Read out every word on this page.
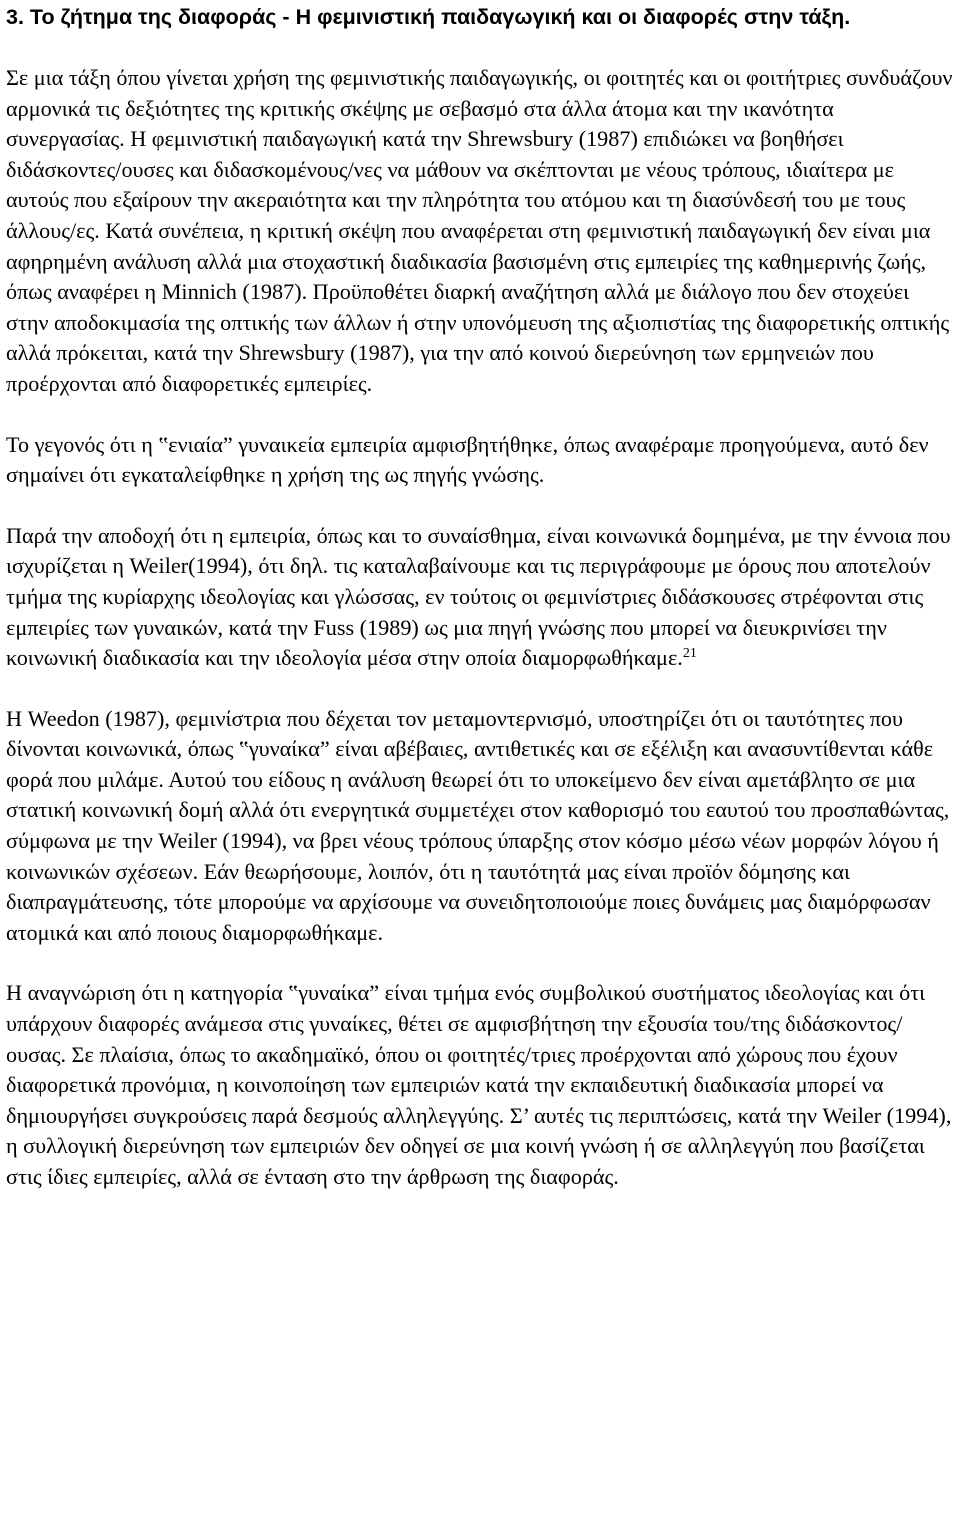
3. Το ζήτημα της διαφοράς - Η φεμινιστική παιδαγωγική και οι διαφορές στην τάξη.

Σε μια τάξη όπου γίνεται χρήση της φεμινιστικής παιδαγωγικής, οι φοιτητές και οι φοιτήτριες συνδυάζουν αρμονικά τις δεξιότητες της κριτικής σκέψης με σεβασμό στα άλλα άτομα και την ικανότητα συνεργασίας. Η φεμινιστική παιδαγωγική κατά την Shrewsbury (1987) επιδιώκει να βοηθήσει διδάσκοντες/ουσες και διδασκομένους/νες να μάθουν να σκέπτονται με νέους τρόπους, ιδιαίτερα με αυτούς που εξαίρουν την ακεραιότητα και την πληρότητα του ατόμου και τη διασύνδεσή του με τους άλλους/ες. Κατά συνέπεια, η κριτική σκέψη που αναφέρεται στη φεμινιστική παιδαγωγική δεν είναι μια αφηρημένη ανάλυση αλλά μια στοχαστική διαδικασία βασισμένη στις εμπειρίες της καθημερινής ζωής, όπως αναφέρει η Minnich (1987). Προϋποθέτει διαρκή αναζήτηση αλλά με διάλογο που δεν στοχεύει στην αποδοκιμασία της οπτικής των άλλων ή στην υπονόμευση της αξιοπιστίας της διαφορετικής οπτικής αλλά πρόκειται, κατά την Shrewsbury (1987), για την από κοινού διερεύνηση των ερμηνειών που προέρχονται από διαφορετικές εμπειρίες.

Το γεγονός ότι η ‟ενιαία” γυναικεία εμπειρία αμφισβητήθηκε, όπως αναφέραμε προηγούμενα, αυτό δεν σημαίνει ότι εγκαταλείφθηκε η χρήση της ως πηγής γνώσης.

Παρά την αποδοχή ότι η εμπειρία, όπως και το συναίσθημα, είναι κοινωνικά δομημένα, με την έννοια που ισχυρίζεται η Weiler(1994), ότι δηλ. τις καταλαβαίνουμε και τις περιγράφουμε με όρους που αποτελούν τμήμα της κυρίαρχης ιδεολογίας και γλώσσας, εν τούτοις οι φεμινίστριες διδάσκουσες στρέφονται στις εμπειρίες των γυναικών, κατά την Fuss (1989) ως μια πηγή γνώσης που μπορεί να διευκρινίσει την κοινωνική διαδικασία και την ιδεολογία μέσα στην οποία διαμορφωθήκαμε.$^{21}$

Η Weedon (1987), φεμινίστρια που δέχεται τον μεταμοντερνισμό, υποστηρίζει ότι οι ταυτότητες που δίνονται κοινωνικά, όπως ‟γυναίκα” είναι αβέβαιες, αντιθετικές και σε εξέλιξη και ανασυντίθενται κάθε φορά που μιλάμε. Αυτού του είδους η ανάλυση θεωρεί ότι το υποκείμενο δεν είναι αμετάβλητο σε μια στατική κοινωνική δομή αλλά ότι ενεργητικά συμμετέχει στον καθορισμό του εαυτού του προσπαθώντας, σύμφωνα με την Weiler (1994), να βρει νέους τρόπους ύπαρξης στον κόσμο μέσω νέων μορφών λόγου ή κοινωνικών σχέσεων. Εάν θεωρήσουμε, λοιπόν, ότι η ταυτότητά μας είναι προϊόν δόμησης και διαπραγμάτευσης, τότε μπορούμε να αρχίσουμε να συνειδητοποιούμε ποιες δυνάμεις μας διαμόρφωσαν ατομικά και από ποιους διαμορφωθήκαμε.

Η αναγνώριση ότι η κατηγορία ‟γυναίκα” είναι τμήμα ενός συμβολικού συστήματος ιδεολογίας και ότι υπάρχουν διαφορές ανάμεσα στις γυναίκες, θέτει σε αμφισβήτηση την εξουσία του/της διδάσκοντος/ουσας. Σε πλαίσια, όπως το ακαδημαϊκό, όπου οι φοιτητές/τριες προέρχονται από χώρους που έχουν διαφορετικά προνόμια, η κοινοποίηση των εμπειριών κατά την εκπαιδευτική διαδικασία μπορεί να δημιουργήσει συγκρούσεις παρά δεσμούς αλληλεγγύης. Σ’ αυτές τις περιπτώσεις, κατά την Weiler (1994), η συλλογική διερεύνηση των εμπειριών δεν οδηγεί σε μια κοινή γνώση ή σε αλληλεγγύη που βασίζεται στις ίδιες εμπειρίες, αλλά σε ένταση στο την άρθρωση της διαφοράς.
